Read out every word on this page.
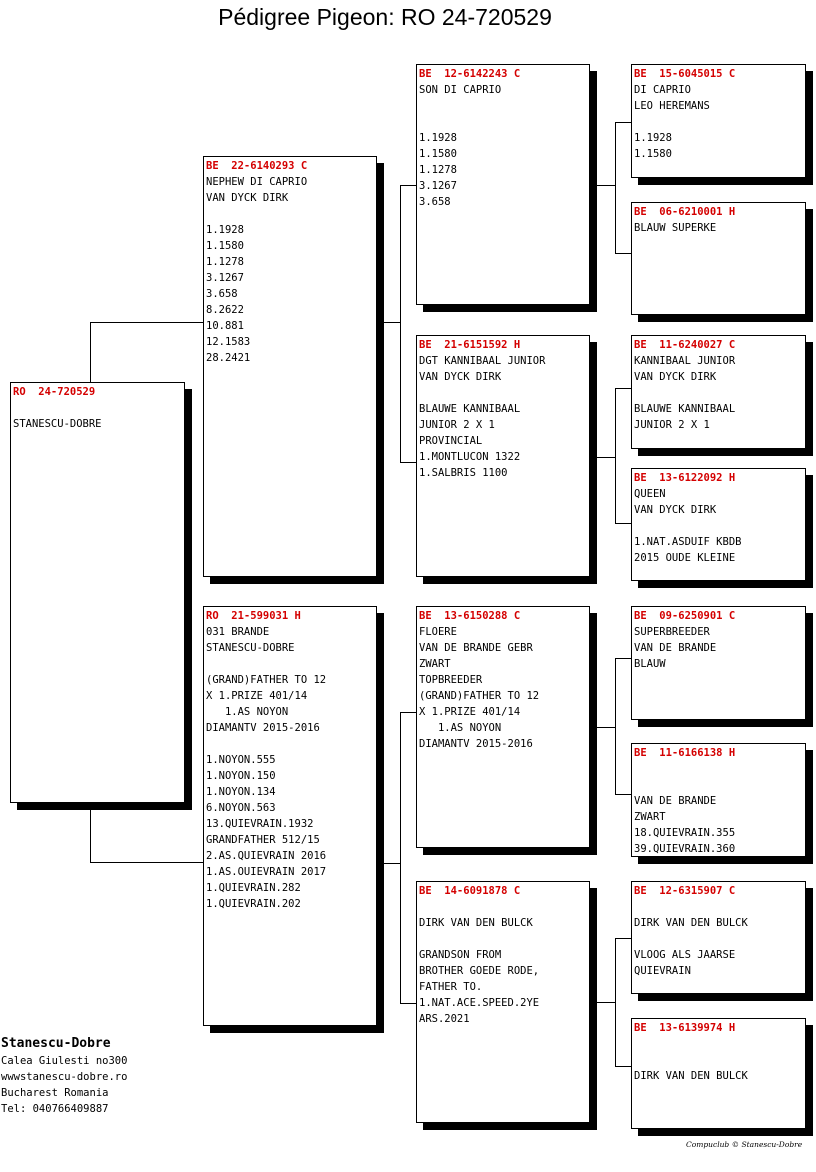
Pédigree Pigeon: RO 24-720529
RO  24-720529
STANESCU-DOBRE
BE  22-6140293 C
NEPHEW DI CAPRIO
VAN DYCK DIRK
1.1928
1.1580
1.1278
3.1267
3.658
8.2622
10.881
12.1583
28.2421
RO  21-599031 H
031 BRANDE
STANESCU-DOBRE
(GRAND)FATHER TO 12
X 1.PRIZE 401/14
1.AS NOYON
DIAMANTV 2015-2016
1.NOYON.555
1.NOYON.150
1.NOYON.134
6.NOYON.563
13.QUIEVRAIN.1932
GRANDFATHER 512/15
2.AS.QUIEVRAIN 2016
1.AS.OUIEVRAIN 2017
1.QUIEVRAIN.282
1.QUIEVRAIN.202
BE  12-6142243 C
SON DI CAPRIO
1.1928
1.1580
1.1278
3.1267
3.658
BE  21-6151592 H
DGT KANNIBAAL JUNIOR
VAN DYCK DIRK
BLAUWE KANNIBAAL
JUNIOR 2 X 1
PROVINCIAL
1.MONTLUCON 1322
1.SALBRIS 1100
BE  13-6150288 C
FLOERE
VAN DE BRANDE GEBR
ZWART
TOPBREEDER
(GRAND)FATHER TO 12
X 1.PRIZE 401/14
1.AS NOYON
DIAMANTV 2015-2016
BE  14-6091878 C
DIRK VAN DEN BULCK
GRANDSON FROM
BROTHER GOEDE RODE,
FATHER TO.
1.NAT.ACE.SPEED.2YE
ARS.2021
BE  15-6045015 C
DI CAPRIO
LEO HEREMANS
1.1928
1.1580
BE  06-6210001 H
BLAUW SUPERKE
BE  11-6240027 C
KANNIBAAL JUNIOR
VAN DYCK DIRK
BLAUWE KANNIBAAL
JUNIOR 2 X 1
BE  13-6122092 H
QUEEN
VAN DYCK DIRK
1.NAT.ASDUIF KBDB
2015 OUDE KLEINE
BE  09-6250901 C
SUPERBREEDER
VAN DE BRANDE
BLAUW
BE  11-6166138 H
VAN DE BRANDE
ZWART
18.QUIEVRAIN.355
39.QUIEVRAIN.360
BE  12-6315907 C
DIRK VAN DEN BULCK
VLOOG ALS JAARSE
QUIEVRAIN
BE  13-6139974 H
DIRK VAN DEN BULCK
Stanescu-Dobre
Calea Giulesti no300
wwwstanescu-dobre.ro
Bucharest Romania
Tel: 040766409887
Compuclub © Stanescu-Dobre
